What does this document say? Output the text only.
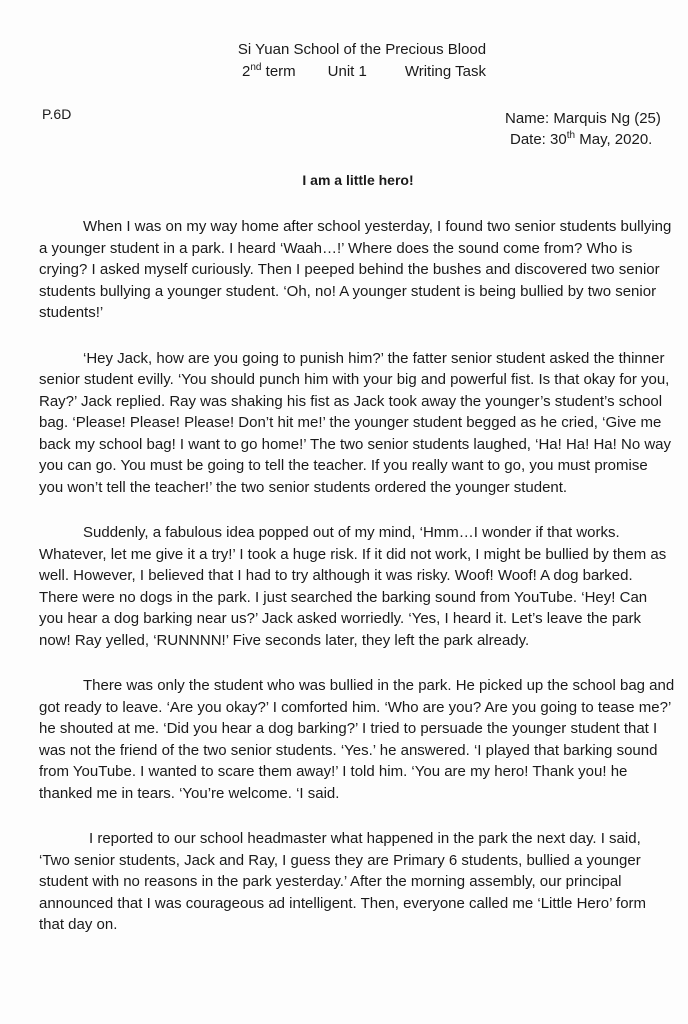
Si Yuan School of the Precious Blood
2nd term Unit 1	Writing Task
P.6D	Name: Marquis Ng (25)
Date: 30th May, 2020.
I am a little hero!

When I was on my way home after school yesterday, I found two senior students bullying a younger student in a park. I heard ‘Waah…!’ Where does the sound come from? Who is crying? I asked myself curiously. Then I peeped behind the bushes and discovered two senior students bullying a younger student. ‘Oh, no! A younger student is being bullied by two senior students!’

‘Hey Jack, how are you going to punish him?’ the fatter senior student asked the thinner senior student evilly. ‘You should punch him with your big and powerful fist. Is that okay for you, Ray?’ Jack replied. Ray was shaking his fist as Jack took away the younger’s student’s school bag. ‘Please! Please! Please! Don’t hit me!’ the younger student begged as he cried, ‘Give me back my school bag! I want to go home!’ The two senior students laughed, ‘Ha! Ha! Ha! No way you can go. You must be going to tell the teacher. If you really want to go, you must promise you won’t tell the teacher!’ the two senior students ordered the younger student.

Suddenly, a fabulous idea popped out of my mind, ‘Hmm…I wonder if that works. Whatever, let me give it a try!’ I took a huge risk. If it did not work, I might be bullied by them as well. However, I believed that I had to try although it was risky. Woof! Woof! A dog barked. There were no dogs in the park. I just searched the barking sound from YouTube. ‘Hey! Can you hear a dog barking near us?’ Jack asked worriedly. ‘Yes, I heard it. Let’s leave the park now! Ray yelled, ‘RUNNNN!’ Five seconds later, they left the park already.

There was only the student who was bullied in the park. He picked up the school bag and got ready to leave. ‘Are you okay?’ I comforted him. ‘Who are you? Are you going to tease me?’ he shouted at me. ‘Did you hear a dog barking?’ I tried to persuade the younger student that I was not the friend of the two senior students. ‘Yes.’ he answered. ‘I played that barking sound from YouTube. I wanted to scare them away!’ I told him. ‘You are my hero! Thank you! he thanked me in tears. ‘You’re welcome. ‘I said.

I reported to our school headmaster what happened in the park the next day. I said, ‘Two senior students, Jack and Ray, I guess they are Primary 6 students, bullied a younger student with no reasons in the park yesterday.’ After the morning assembly, our principal announced that I was courageous ad intelligent. Then, everyone called me ‘Little Hero’ form that day on.
